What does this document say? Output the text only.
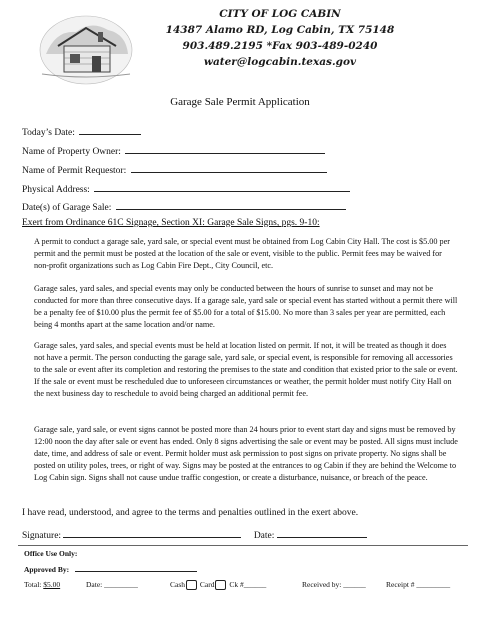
CITY OF LOG CABIN
14387 Alamo RD, Log Cabin, TX 75148
903.489.2195 *Fax 903-489-0240
water@logcabin.texas.gov
Garage Sale Permit Application
Today’s Date:
Name of Property Owner:
Name of Permit Requestor:
Physical Address:
Date(s) of Garage Sale:
Exert from Ordinance 61C Signage, Section XI: Garage Sale Signs, pgs. 9-10:
A permit to conduct a garage sale, yard sale, or special event must be obtained from Log Cabin City Hall. The cost is $5.00 per permit and the permit must be posted at the location of the sale or event, visible to the public. Permit fees may be waived for non-profit organizations such as Log Cabin Fire Dept., City Council, etc.
Garage sales, yard sales, and special events may only be conducted between the hours of sunrise to sunset and may not be conducted for more than three consecutive days. If a garage sale, yard sale or special event has started without a permit there will be a penalty fee of $10.00 plus the permit fee of $5.00 for a total of $15.00. No more than 3 sales per year are permitted, each being 4 months apart at the same location and/or name.
Garage sales, yard sales, and special events must be held at location listed on permit. If not, it will be treated as though it does not have a permit. The person conducting the garage sale, yard sale, or special event, is responsible for removing all accessories to the sale or event after its completion and restoring the premises to the state and condition that existed prior to the sale or event. If the sale or event must be rescheduled due to unforeseen circumstances or weather, the permit holder must notify City Hall on the next business day to reschedule to avoid being charged an additional permit fee.
Garage sale, yard sale, or event signs cannot be posted more than 24 hours prior to event start day and signs must be removed by 12:00 noon the day after sale or event has ended. Only 8 signs advertising the sale or event may be posted. All signs must include date, time, and address of sale or event. Permit holder must ask permission to post signs on private property. No signs shall be posted on utility poles, trees, or right of way. Signs may be posted at the entrances to og Cabin if they are behind the Welcome to Log Cabin sign. Signs shall not cause undue traffic congestion, or create a disturbance, nuisance, or breach of the peace.
I have read, understood, and agree to the terms and penalties outlined in the exert above.
Signature:	Date:
Office Use Only:
Approved By:
Total: $5.00	Date: _________	Cash Card Ck #______	Received by: ______	Receipt # _________
